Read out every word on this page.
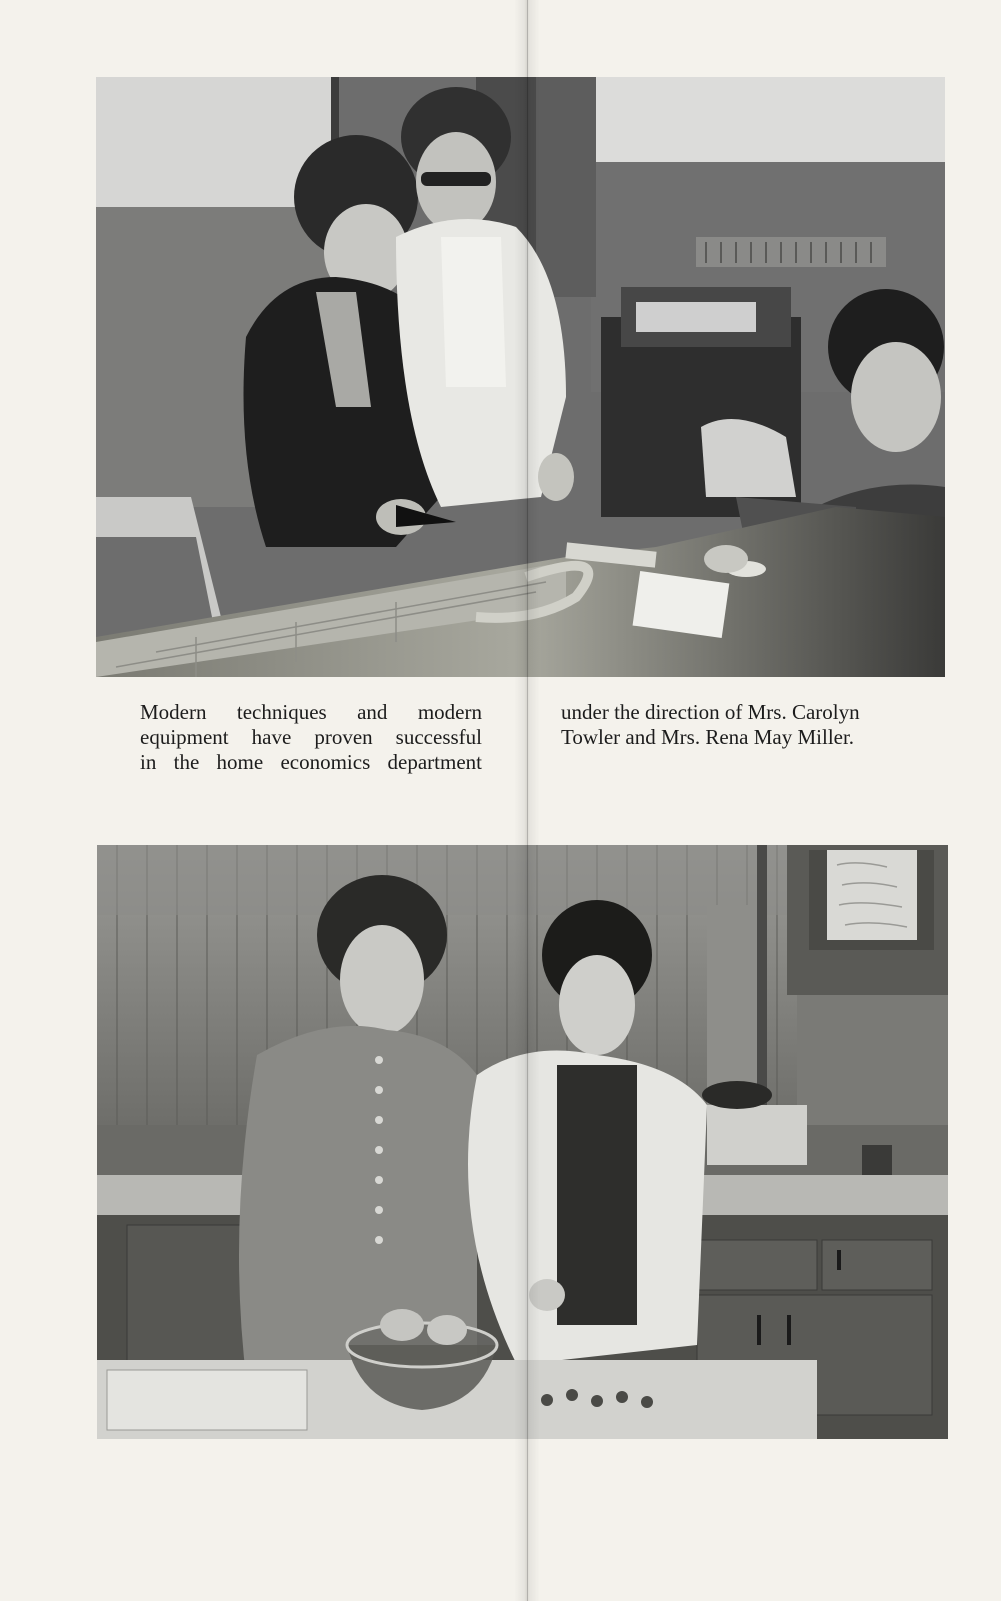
Modern techniques and modern
equipment have proven successful
in the home economics department
under the direction of Mrs. Carolyn
Towler and Mrs. Rena May Miller.
